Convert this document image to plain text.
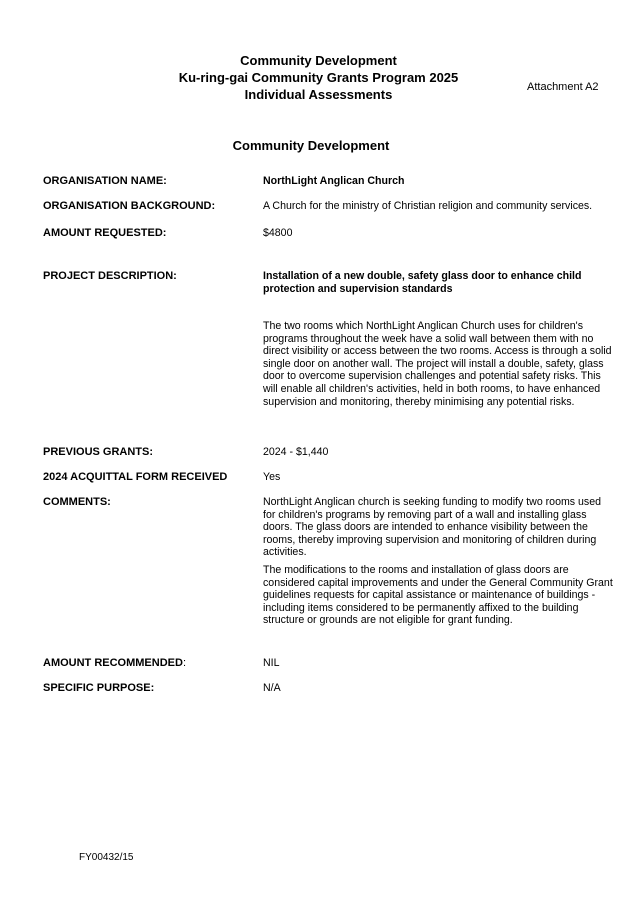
Community Development
Ku-ring-gai Community Grants Program 2025
Individual Assessments	Attachment A2
Community Development
ORGANISATION NAME:	NorthLight Anglican Church
ORGANISATION BACKGROUND:	A Church for the ministry of Christian religion and community services.
AMOUNT REQUESTED:	$4800
PROJECT DESCRIPTION:	Installation of a new double, safety glass door to enhance child protection and supervision standards
The two rooms which NorthLight Anglican Church uses for children's programs throughout the week have a solid wall between them with no direct visibility or access between the two rooms. Access is through a solid single door on another wall. The project will install a double, safety, glass door to overcome supervision challenges and potential safety risks. This will enable all children's activities, held in both rooms, to have enhanced supervision and monitoring, thereby minimising any potential risks.
PREVIOUS GRANTS:	2024 - $1,440
2024 ACQUITTAL FORM RECEIVED	Yes
COMMENTS:	NorthLight Anglican church is seeking funding to modify two rooms used for children's programs by removing part of a wall and installing glass doors. The glass doors are intended to enhance visibility between the rooms, thereby improving supervision and monitoring of children during activities.
The modifications to the rooms and installation of glass doors are considered capital improvements and under the General Community Grant guidelines requests for capital assistance or maintenance of buildings - including items considered to be permanently affixed to the building structure or grounds are not eligible for grant funding.
AMOUNT RECOMMENDED:	NIL
SPECIFIC PURPOSE:	N/A
FY00432/15
